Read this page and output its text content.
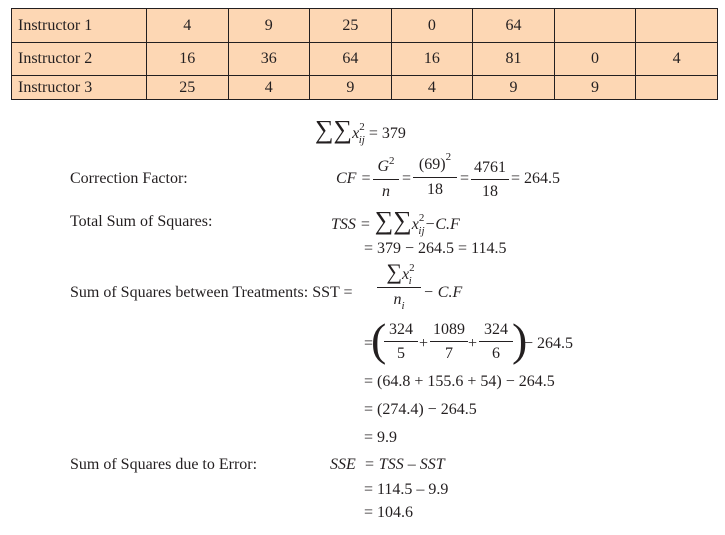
Instructor 1	4	9	25	0	64		
Instructor 2	16	36	64	16	81	0	4
Instructor 3	25	4	9	4	9	9	
$\sum\sum x^2_{ij} = 379$
Correction Factor:	CF = $\frac{G^2}{n} = \frac{(69)^2}{18} = \frac{4761}{18} = 264.5$
Total Sum of Squares:	TSS = $\sum\sum x^2_{ij}-C.F$
= 379 − 264.5 = 114.5
Sum of Squares between Treatments: SST = $\frac{\sum x^2_i}{n_i} - C.F$
=
(
$\frac{324}{5} + \frac{1089}{7} + \frac{324}{6}$ )
− 264.5
= (64.8 + 155.6 + 54) − 264.5
= (274.4) − 264.5
= 9.9
Sum of Squares due to Error:	SSE = TSS – SST
= 114.5 – 9.9
= 104.6
